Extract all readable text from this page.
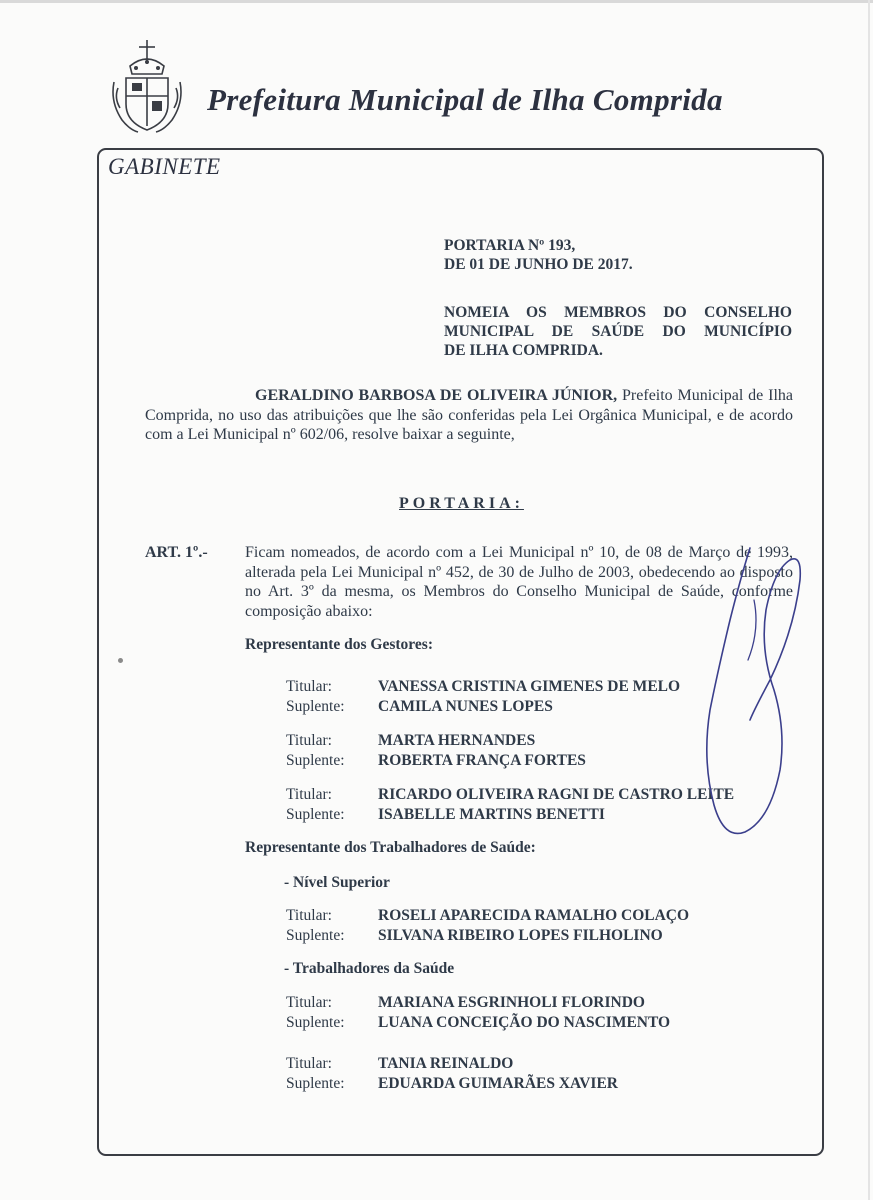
Prefeitura Municipal de Ilha Comprida
GABINETE
PORTARIA Nº 193,
DE 01 DE JUNHO DE 2017.
NOMEIA OS MEMBROS DO CONSELHO
MUNICIPAL DE SAÚDE DO MUNICÍPIO
DE ILHA COMPRIDA.
GERALDINO BARBOSA DE OLIVEIRA JÚNIOR, Prefeito Municipal de Ilha Comprida, no uso das atribuições que lhe são conferidas pela Lei Orgânica Municipal, e de acordo com a Lei Municipal nº 602/06, resolve baixar a seguinte,
PORTARIA:
ART. 1º.- Ficam nomeados, de acordo com a Lei Municipal nº 10, de 08 de Março de 1993, alterada pela Lei Municipal nº 452, de 30 de Julho de 2003, obedecendo ao disposto no Art. 3º da mesma, os Membros do Conselho Municipal de Saúde, conforme composição abaixo:
Representante dos Gestores:
Titular:	VANESSA CRISTINA GIMENES DE MELO
Suplente: CAMILA NUNES LOPES
Titular:	MARTA HERNANDES
Suplente: ROBERTA FRANÇA FORTES
Titular:	RICARDO OLIVEIRA RAGNI DE CASTRO LEITE
Suplente: ISABELLE MARTINS BENETTI
Representante dos Trabalhadores de Saúde:
- Nível Superior
Titular:	ROSELI APARECIDA RAMALHO COLAÇO
Suplente: SILVANA RIBEIRO LOPES FILHOLINO
- Trabalhadores da Saúde
Titular:	MARIANA ESGRINHOLI FLORINDO
Suplente: LUANA CONCEIÇÃO DO NASCIMENTO
Titular:	TANIA REINALDO
Suplente: EDUARDA GUIMARÃES XAVIER
